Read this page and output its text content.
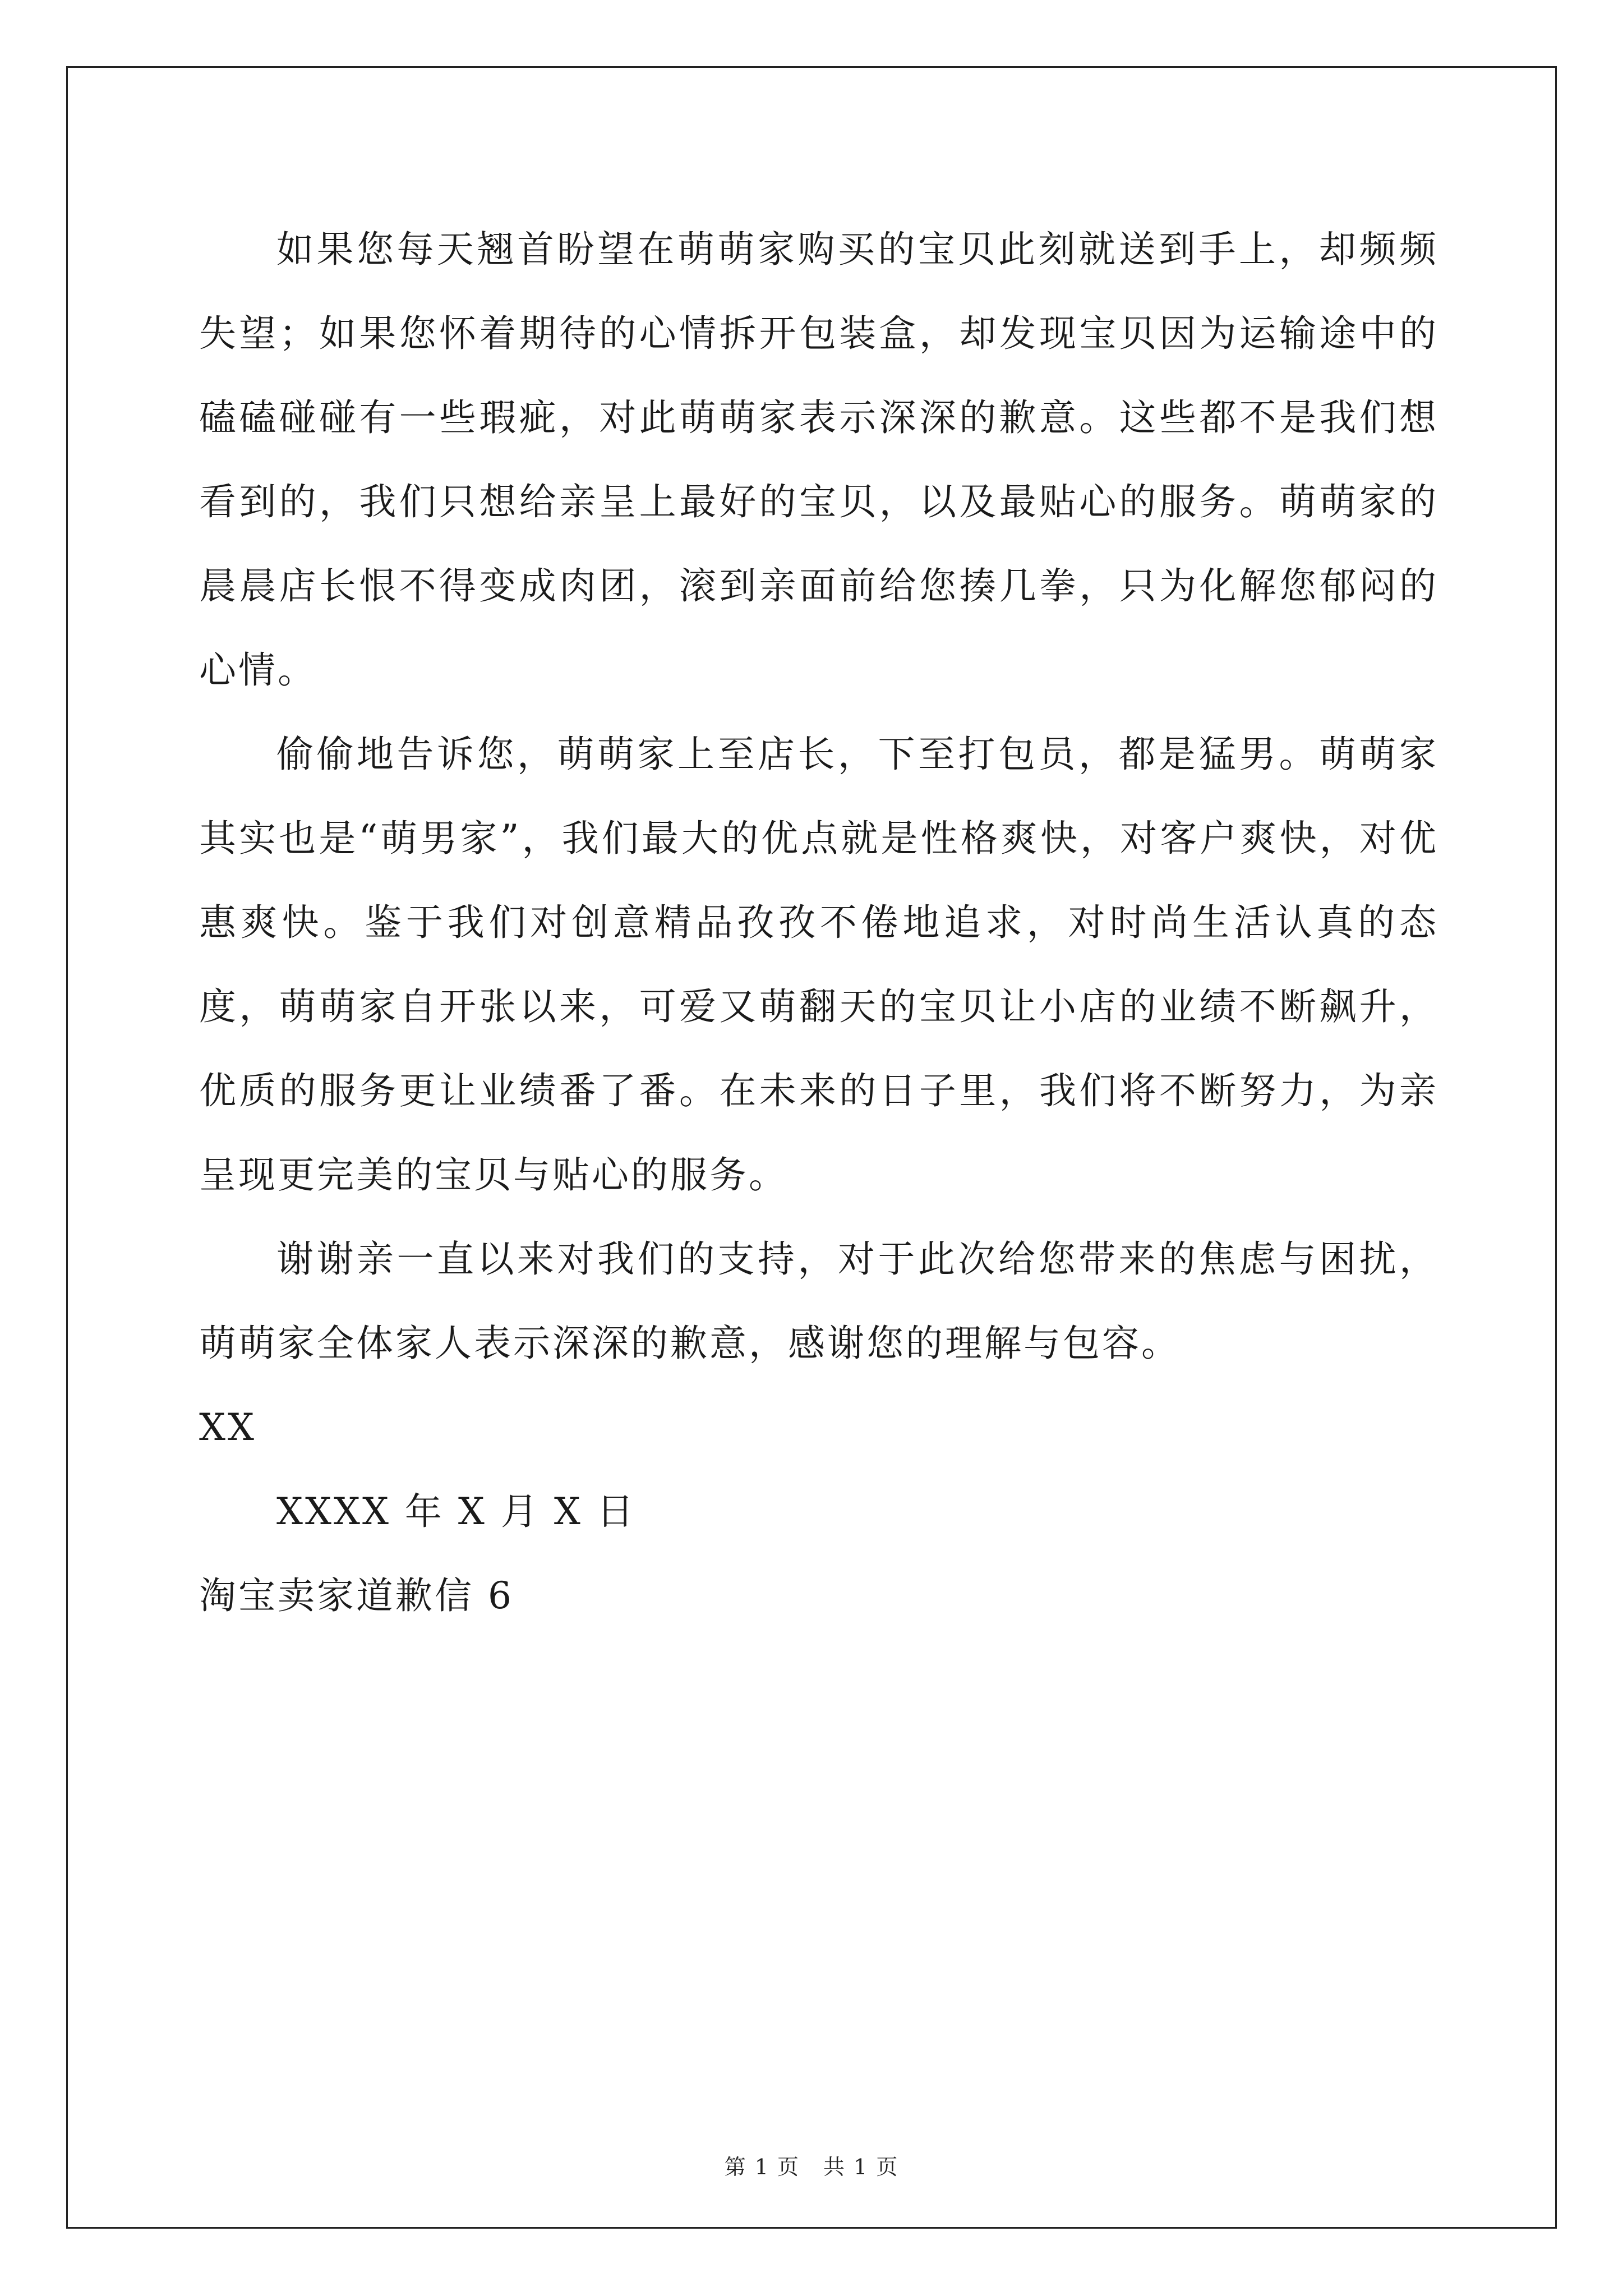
如果您每天翘首盼望在萌萌家购买的宝贝此刻就送到手上，却频频失望；如果您怀着期待的心情拆开包装盒，却发现宝贝因为运输途中的磕磕碰碰有一些瑕疵，对此萌萌家表示深深的歉意。这些都不是我们想看到的，我们只想给亲呈上最好的宝贝，以及最贴心的服务。萌萌家的晨晨店长恨不得变成肉团，滚到亲面前给您揍几拳，只为化解您郁闷的心情。

偷偷地告诉您，萌萌家上至店长，下至打包员，都是猛男。萌萌家其实也是“萌男家”，我们最大的优点就是性格爽快，对客户爽快，对优惠爽快。鉴于我们对创意精品孜孜不倦地追求，对时尚生活认真的态度，萌萌家自开张以来，可爱又萌翻天的宝贝让小店的业绩不断飙升，优质的服务更让业绩番了番。在未来的日子里，我们将不断努力，为亲呈现更完美的宝贝与贴心的服务。

谢谢亲一直以来对我们的支持，对于此次给您带来的焦虑与困扰，萌萌家全体家人表示深深的歉意，感谢您的理解与包容。

XX

XXXX 年 X 月 X 日

淘宝卖家道歉信 6

第 1 页 共 1 页
